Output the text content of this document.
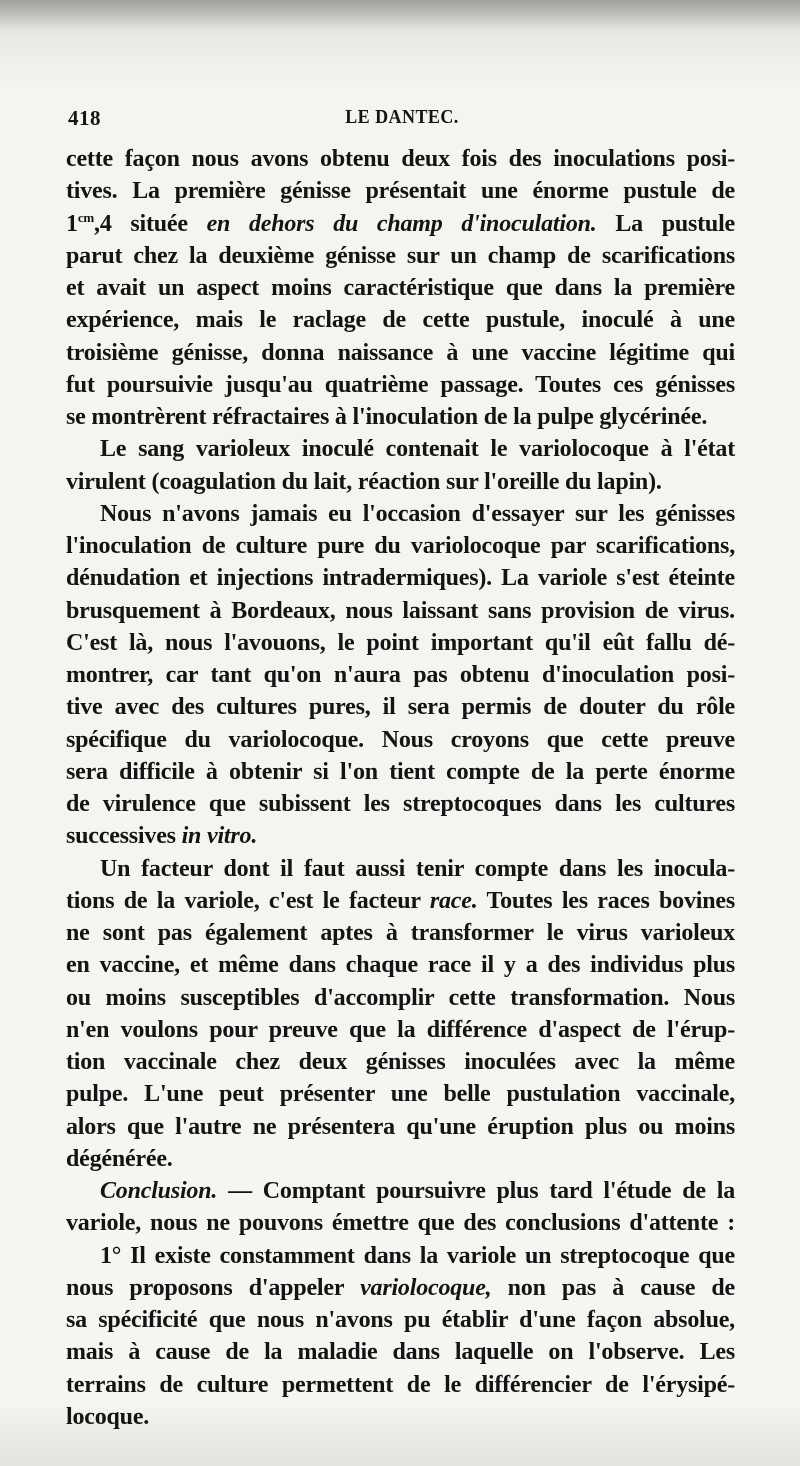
418	LE DANTEC.
cette façon nous avons obtenu deux fois des inoculations posi-
tives. La première génisse présentait une énorme pustule de
$1^{cm},4$ située en dehors du champ d'inoculation. La pustule
parut chez la deuxième génisse sur un champ de scarifications
et avait un aspect moins caractéristique que dans la première
expérience, mais le raclage de cette pustule, inoculé à une
troisième génisse, donna naissance à une vaccine légitime qui
fut poursuivie jusqu'au quatrième passage. Toutes ces génisses
se montrèrent réfractaires à l'inoculation de la pulpe glycérinée.
Le sang varioleux inoculé contenait le variolocoque à l'état
virulent (coagulation du lait, réaction sur l'oreille du lapin).
Nous n'avons jamais eu l'occasion d'essayer sur les génisses
l'inoculation de culture pure du variolocoque par scarifications,
dénudation et injections intradermiques). La variole s'est éteinte
brusquement à Bordeaux, nous laissant sans provision de virus.
C'est là, nous l'avouons, le point important qu'il eût fallu dé-
montrer, car tant qu'on n'aura pas obtenu d'inoculation posi-
tive avec des cultures pures, il sera permis de douter du rôle
spécifique du variolocoque. Nous croyons que cette preuve
sera difficile à obtenir si l'on tient compte de la perte énorme
de virulence que subissent les streptocoques dans les cultures
successives in vitro.
Un facteur dont il faut aussi tenir compte dans les inocula-
tions de la variole, c'est le facteur race. Toutes les races bovines
ne sont pas également aptes à transformer le virus varioleux
en vaccine, et même dans chaque race il y a des individus plus
ou moins susceptibles d'accomplir cette transformation. Nous
n'en voulons pour preuve que la différence d'aspect de l'érup-
tion vaccinale chez deux génisses inoculées avec la même
pulpe. L'une peut présenter une belle pustulation vaccinale,
alors que l'autre ne présentera qu'une éruption plus ou moins
dégénérée.
Conclusion. — Comptant poursuivre plus tard l'étude de la
variole, nous ne pouvons émettre que des conclusions d'attente :
1° Il existe constamment dans la variole un streptocoque que
nous proposons d'appeler variolocoque, non pas à cause de
sa spécificité que nous n'avons pu établir d'une façon absolue,
mais à cause de la maladie dans laquelle on l'observe. Les
terrains de culture permettent de le différencier de l'érysipé-
locoque.
